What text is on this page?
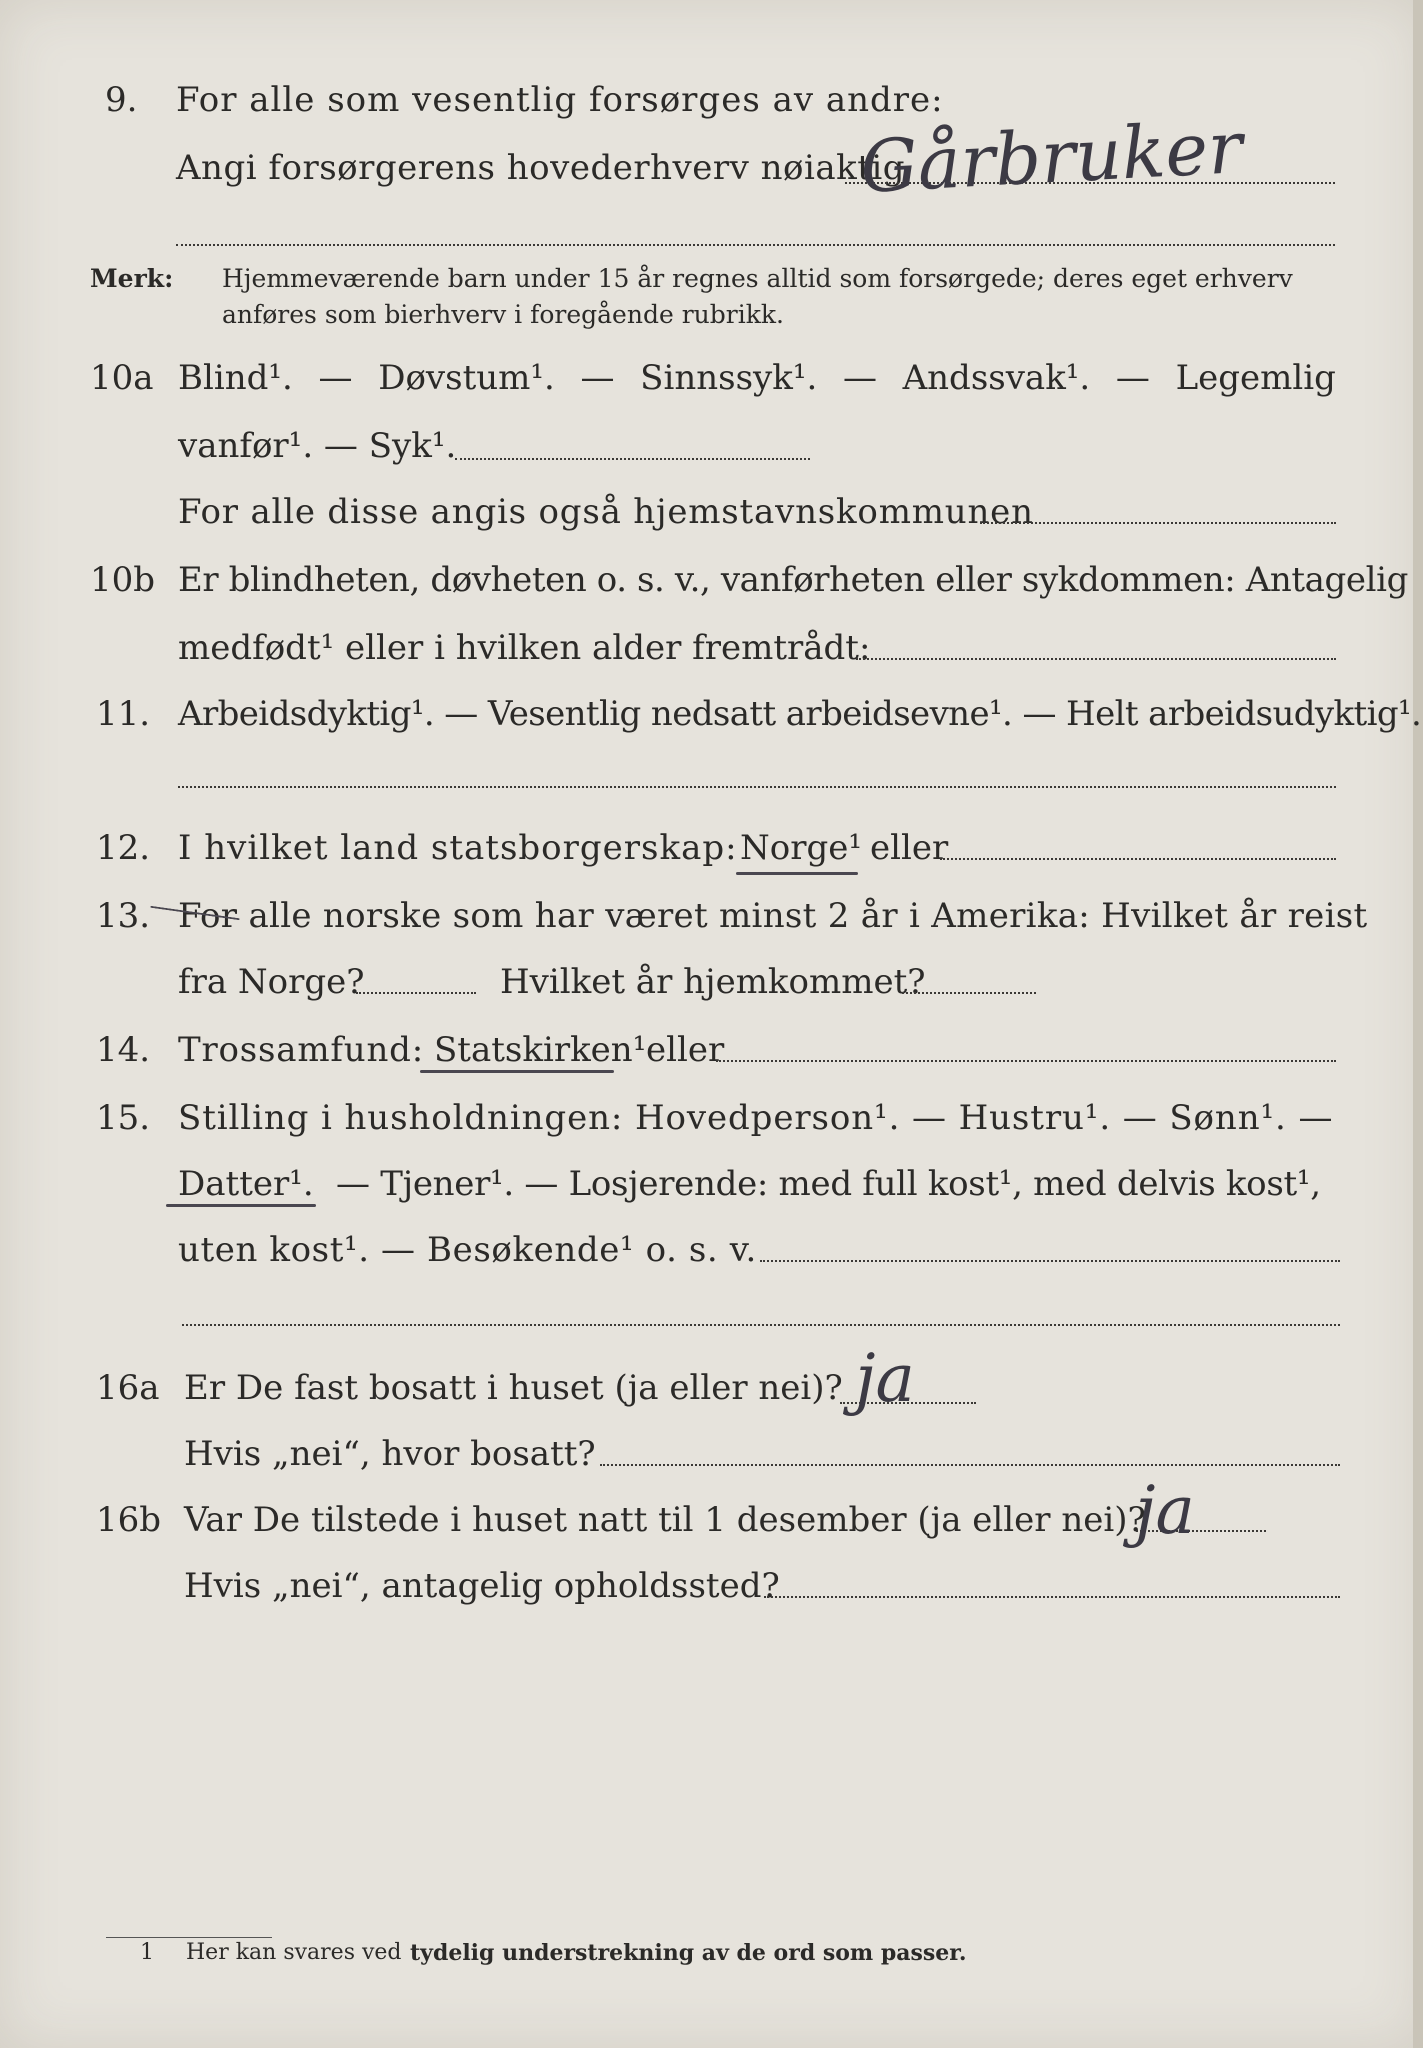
9. For alle som vesentlig forsørges av andre:
Angi forsørgerens hovederhverv nøiaktig
Gårbruker
Merk: Hjemmeværende barn under 15 år regnes alltid som forsørgede; deres eget erhverv
anføres som bierhverv i foregående rubrikk.
10a Blind¹. — Døvstum¹. — Sinnssyk¹. — Andssvak¹. — Legemlig
vanfør¹. — Syk¹.
For alle disse angis også hjemstavnskommunen
10b Er blindheten, døvheten o. s. v., vanførheten eller sykdommen: Antagelig
medfødt¹ eller i hvilken alder fremtrådt:
11. Arbeidsdyktig¹. — Vesentlig nedsatt arbeidsevne¹. — Helt arbeidsudyktig¹.
12. I hvilket land statsborgerskap: Norge¹ eller
13. For alle norske som har været minst 2 år i Amerika: Hvilket år reist
fra Norge?	Hvilket år hjemkommet?
14. Trossamfund: Statskirken¹ eller
15. Stilling i husholdningen: Hovedperson¹. — Hustru¹. — Sønn¹. —
Datter¹. — Tjener¹. — Losjerende: med full kost¹, med delvis kost¹,
uten kost¹. — Besøkende¹ o. s. v.
16a Er De fast bosatt i huset (ja eller nei)? ja
Hvis „nei“, hvor bosatt?
16b Var De tilstede i huset natt til 1 desember (ja eller nei)?
ja
Hvis „nei“, antagelig opholdssted?
1 Her kan svares ved tydelig understrekning av de ord som passer.
